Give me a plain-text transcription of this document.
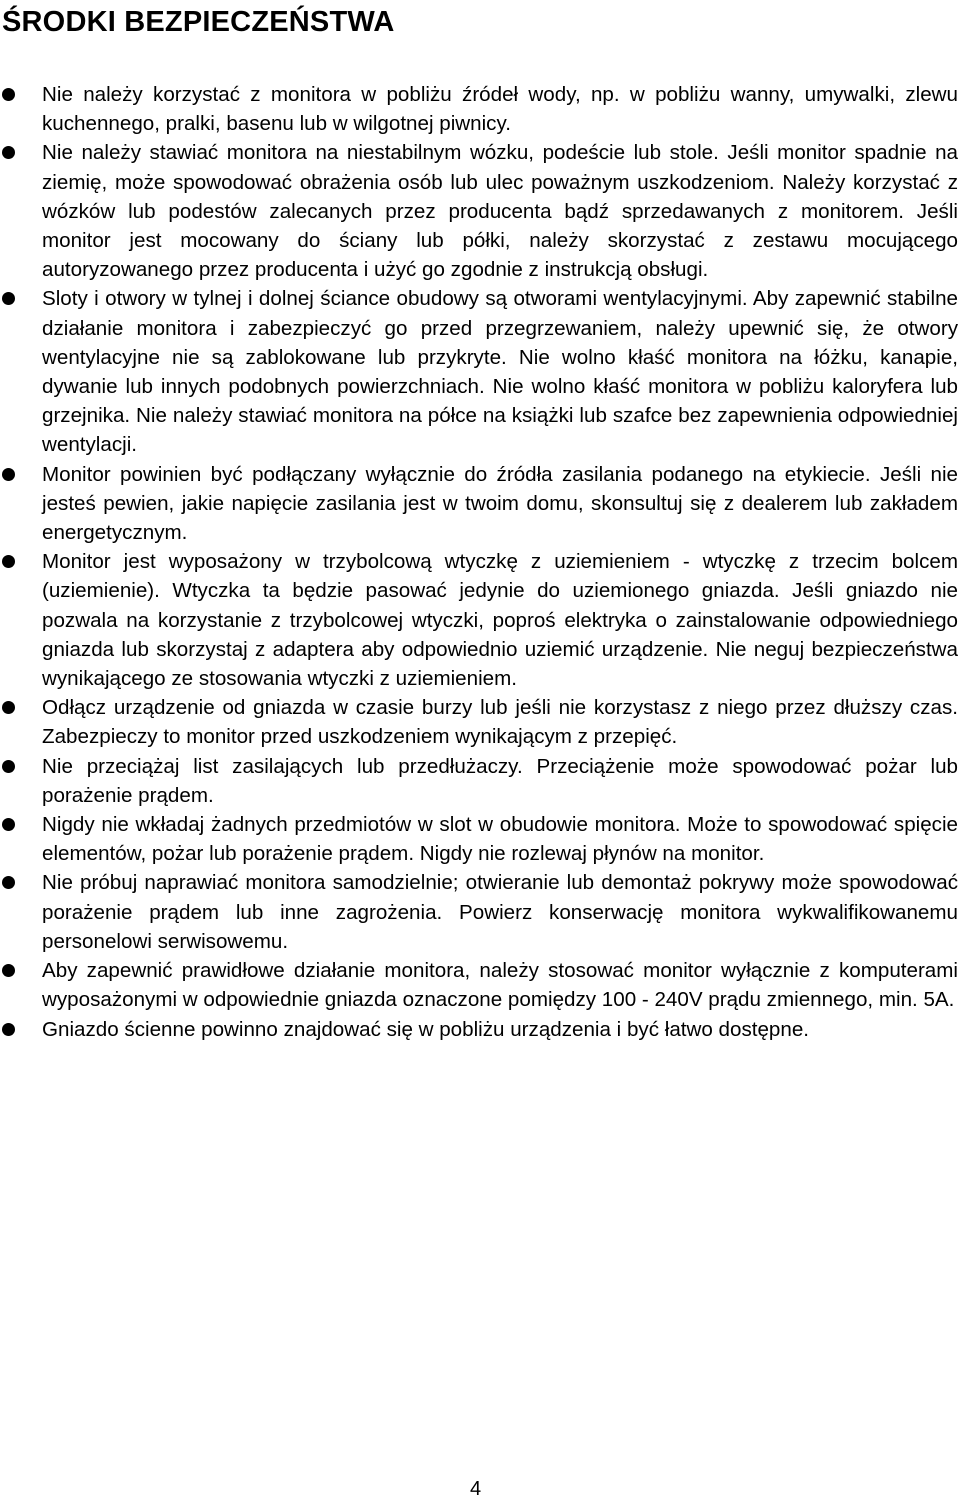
ŚRODKI BEZPIECZEŃSTWA
Nie należy korzystać z monitora w pobliżu źródeł wody, np. w pobliżu wanny, umywalki, zlewu kuchennego, pralki, basenu lub w wilgotnej piwnicy.
Nie należy stawiać monitora na niestabilnym wózku, podeście lub stole. Jeśli monitor spadnie na ziemię, może spowodować obrażenia osób lub ulec poważnym uszkodzeniom. Należy korzystać z wózków lub podestów zalecanych przez producenta bądź sprzedawanych z monitorem. Jeśli monitor jest mocowany do ściany lub półki, należy skorzystać z zestawu mocującego autoryzowanego przez producenta i użyć go zgodnie z instrukcją obsługi.
Sloty i otwory w tylnej i dolnej ściance obudowy są otworami wentylacyjnymi. Aby zapewnić stabilne działanie monitora i zabezpieczyć go przed przegrzewaniem, należy upewnić się, że otwory wentylacyjne nie są zablokowane lub przykryte. Nie wolno kłaść monitora na łóżku, kanapie, dywanie lub innych podobnych powierzchniach. Nie wolno kłaść monitora w pobliżu kaloryfera lub grzejnika. Nie należy stawiać monitora na półce na książki lub szafce bez zapewnienia odpowiedniej wentylacji.
Monitor powinien być podłączany wyłącznie do źródła zasilania podanego na etykiecie. Jeśli nie jesteś pewien, jakie napięcie zasilania jest w twoim domu, skonsultuj się z dealerem lub zakładem energetycznym.
Monitor jest wyposażony w trzybolcową wtyczkę z uziemieniem - wtyczkę z trzecim bolcem (uziemienie). Wtyczka ta będzie pasować jedynie do uziemionego gniazda. Jeśli gniazdo nie pozwala na korzystanie z trzybolcowej wtyczki, poproś elektryka o zainstalowanie odpowiedniego gniazda lub skorzystaj z adaptera aby odpowiednio uziemić urządzenie. Nie neguj bezpieczeństwa wynikającego ze stosowania wtyczki z uziemieniem.
Odłącz urządzenie od gniazda w czasie burzy lub jeśli nie korzystasz z niego przez dłuższy czas. Zabezpieczy to monitor przed uszkodzeniem wynikającym z przepięć.
Nie przeciążaj list zasilających lub przedłużaczy. Przeciążenie może spowodować pożar lub porażenie prądem.
Nigdy nie wkładaj żadnych przedmiotów w slot w obudowie monitora. Może to spowodować spięcie elementów, pożar lub porażenie prądem. Nigdy nie rozlewaj płynów na monitor.
Nie próbuj naprawiać monitora samodzielnie; otwieranie lub demontaż pokrywy może spowodować porażenie prądem lub inne zagrożenia. Powierz konserwację monitora wykwalifikowanemu personelowi serwisowemu.
Aby zapewnić prawidłowe działanie monitora, należy stosować monitor wyłącznie z komputerami wyposażonymi w odpowiednie gniazda oznaczone pomiędzy 100 - 240V prądu zmiennego, min. 5A.
Gniazdo ścienne powinno znajdować się w pobliżu urządzenia i być łatwo dostępne.
4
